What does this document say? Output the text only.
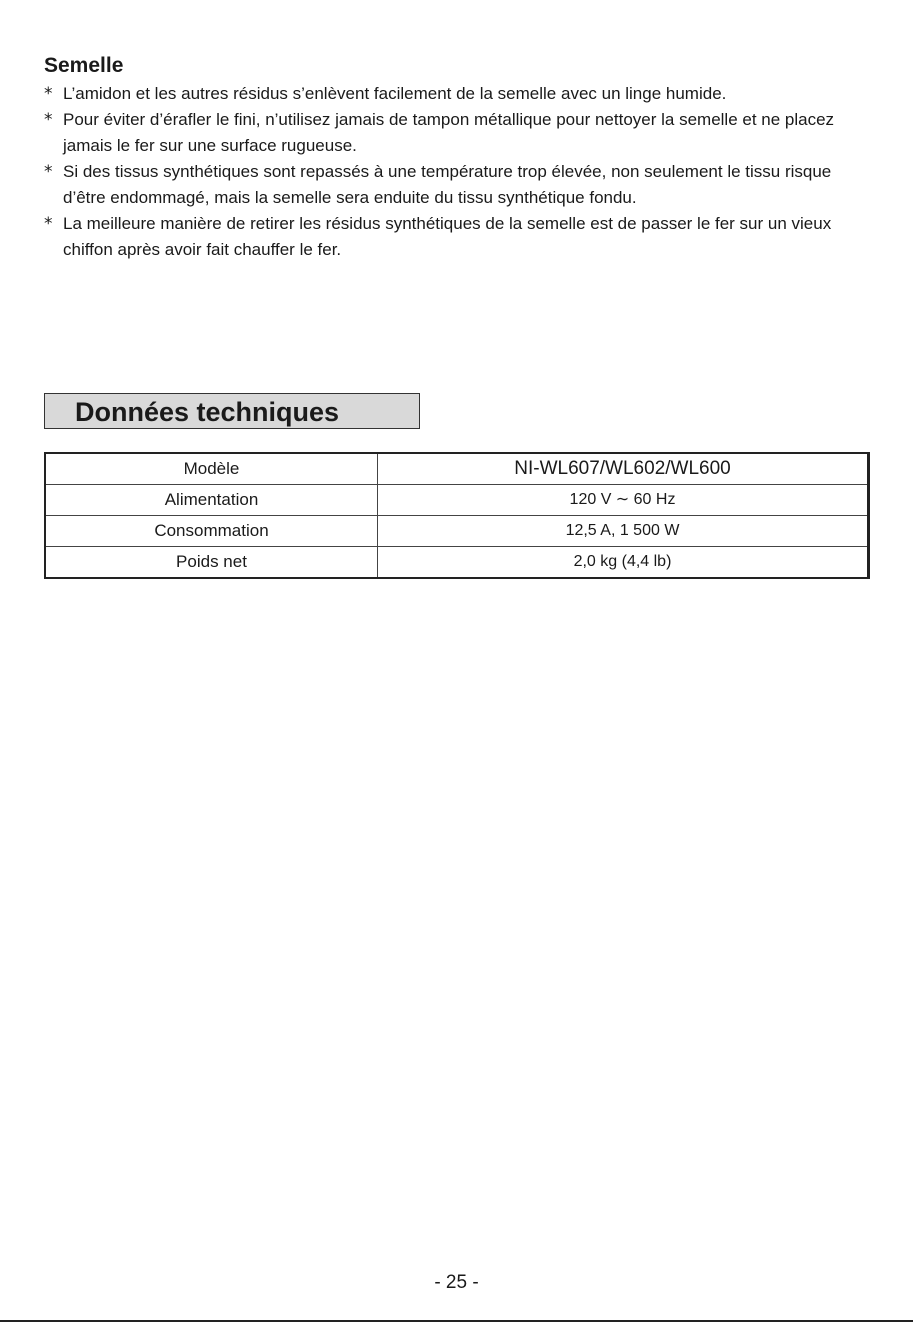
Semelle
* L’amidon et les autres résidus s’enlèvent facilement de la semelle avec un linge humide.
* Pour éviter d’érafler le fini, n’utilisez jamais de tampon métallique pour nettoyer la semelle et ne placez jamais le fer sur une surface rugueuse.
* Si des tissus synthétiques sont repassés à une température trop élevée, non seulement le tissu risque d’être endommagé, mais la semelle sera enduite du tissu synthétique fondu.
* La meilleure manière de retirer les résidus synthétiques de la semelle est de passer le fer sur un vieux chiffon après avoir fait chauffer le fer.
Données techniques
Modèle	NI-WL607/WL602/WL600
Alimentation	120 V ∼ 60 Hz
Consommation	12,5 A, 1 500 W
Poids net	2,0 kg (4,4 lb)
- 25 -
